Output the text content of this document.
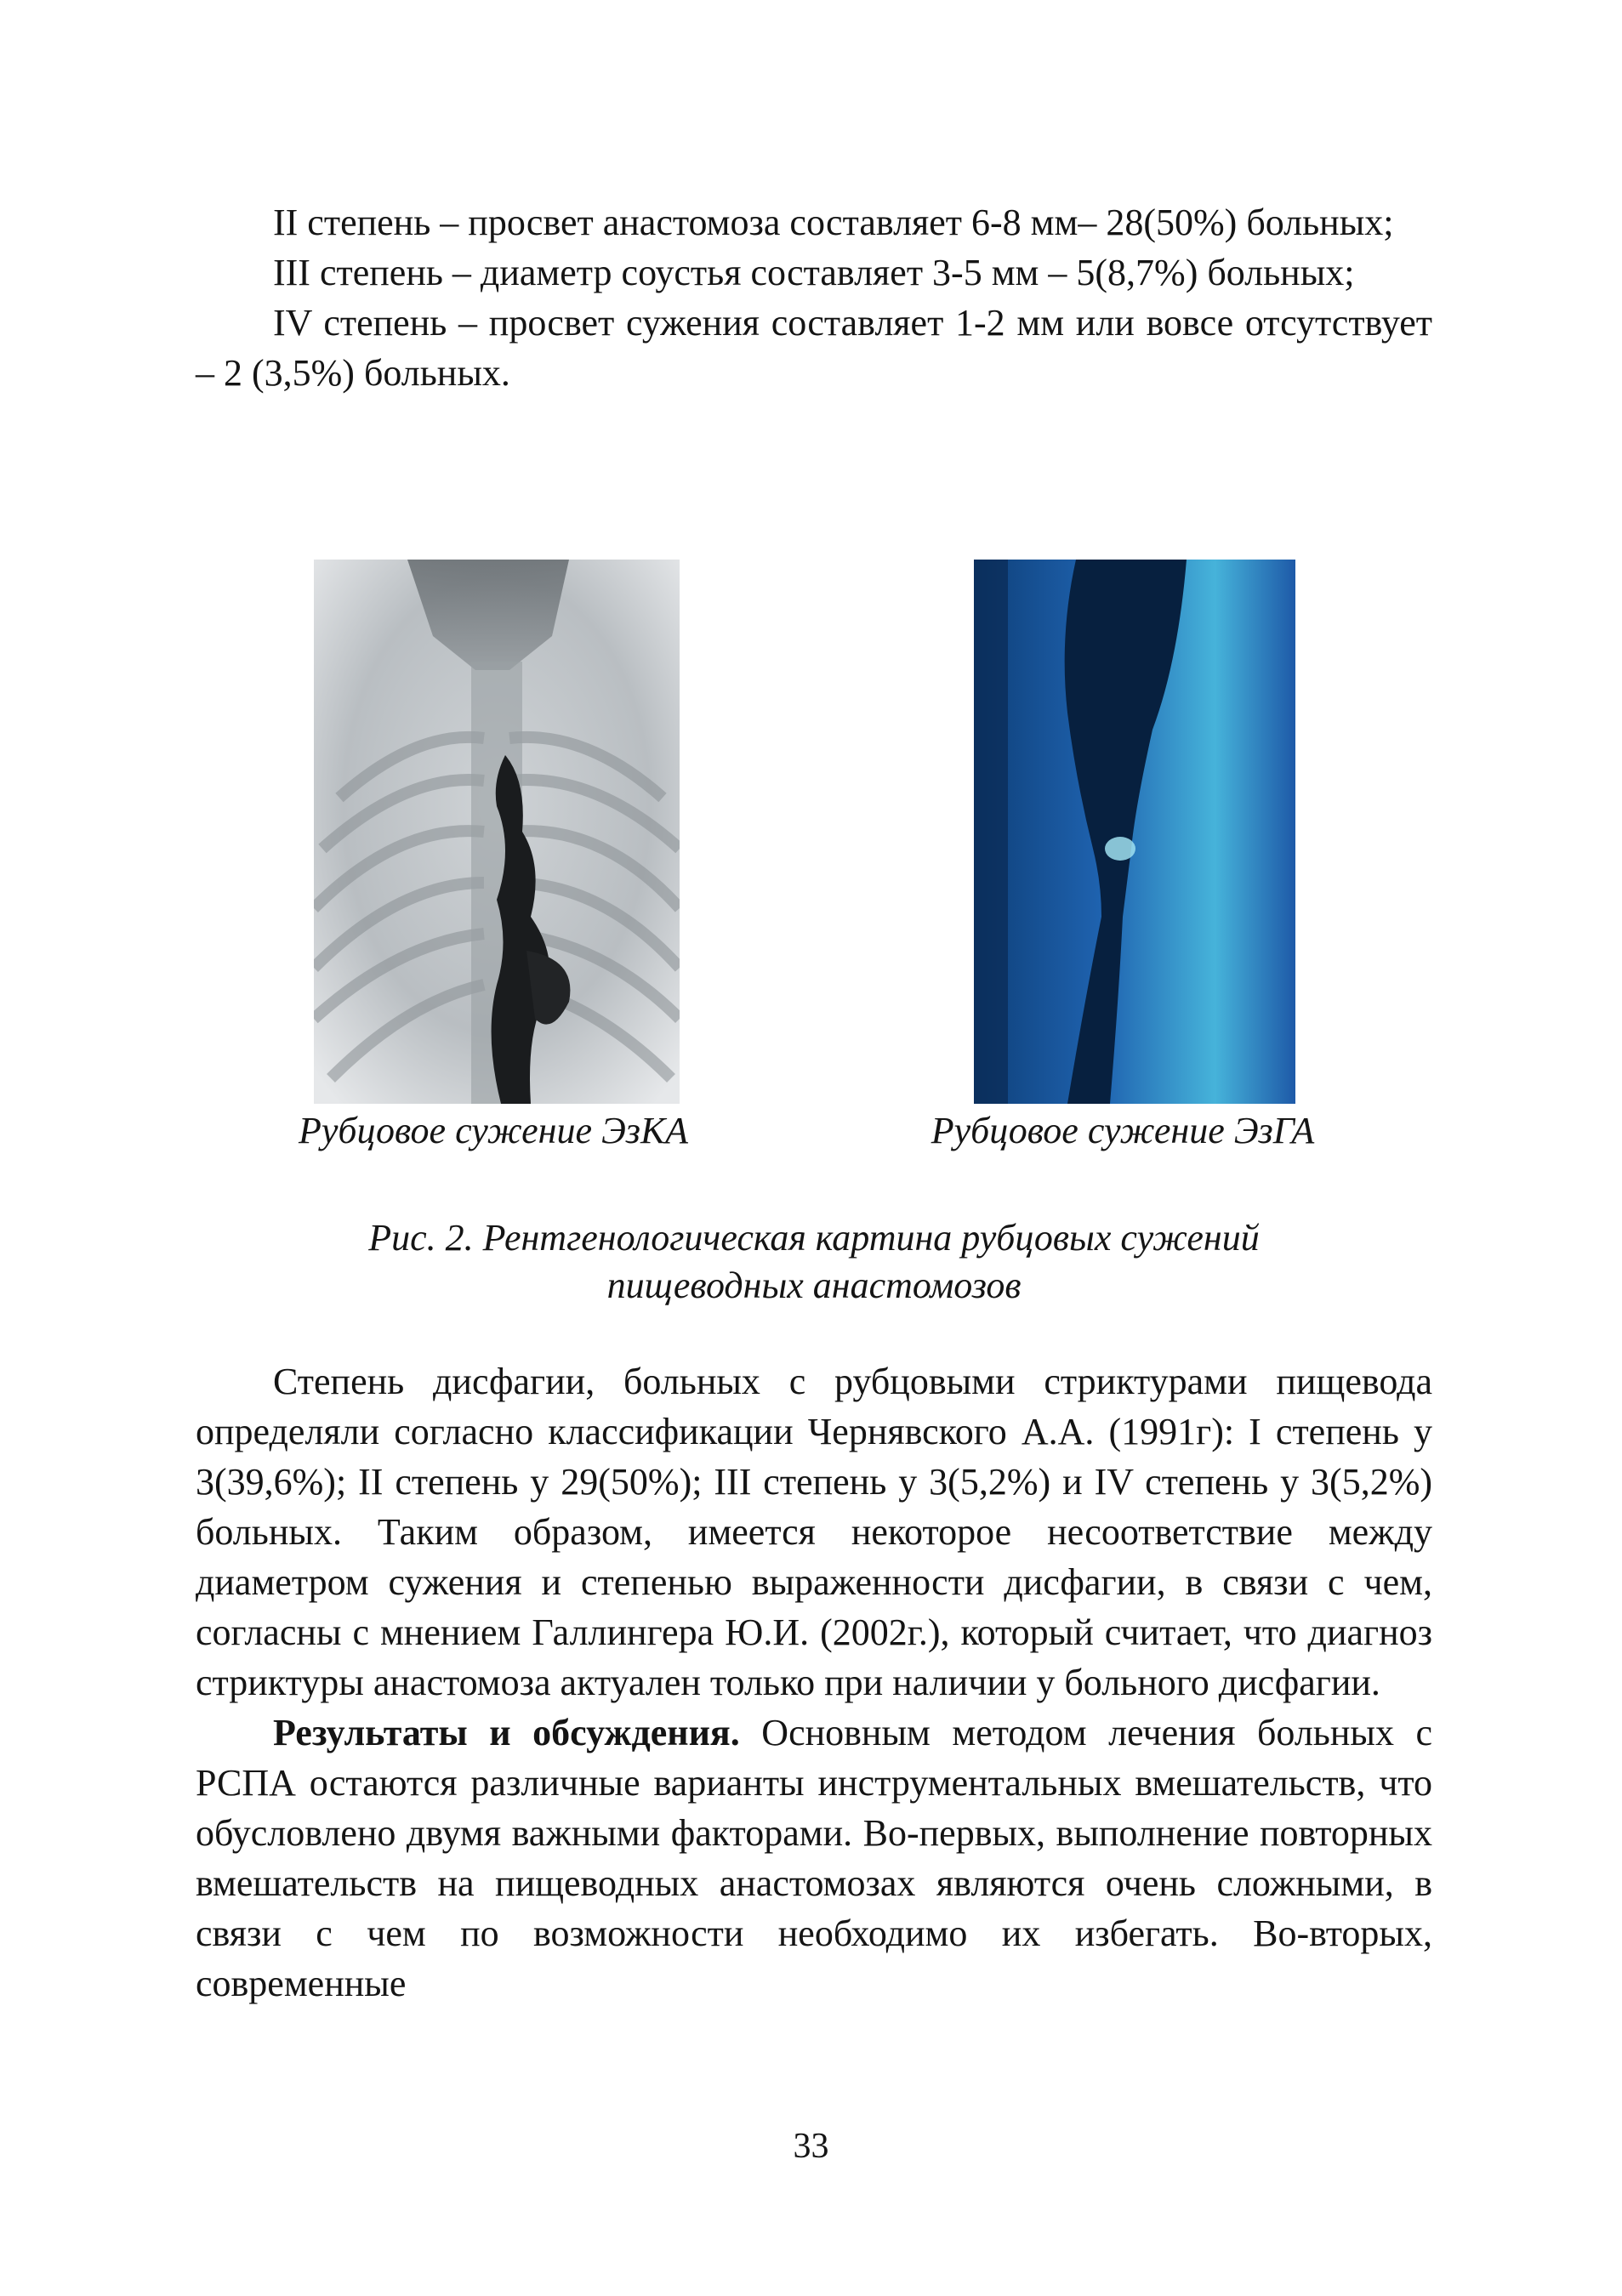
II степень – просвет анастомоза составляет 6-8 мм– 28(50%) больных;

III степень – диаметр соустья составляет 3-5 мм – 5(8,7%) больных;

IV степень – просвет сужения составляет 1-2 мм или вовсе отсутствует – 2 (3,5%) больных.

Рубцовое сужение ЭзКА	Рубцовое сужение ЭзГА
Рис. 2. Рентгенологическая картина рубцовых сужений
пищеводных анастомозов

Степень дисфагии, больных с рубцовыми стриктурами пищевода определяли согласно классификации Чернявского А.А. (1991г): I степень у 3(39,6%); II степень у 29(50%); III степень у 3(5,2%) и IV степень у 3(5,2%) больных. Таким образом, имеется некоторое несоответствие между диаметром сужения и степенью выраженности дисфагии, в связи с чем, согласны с мнением Галлингера Ю.И. (2002г.), который считает, что диагноз стриктуры анастомоза актуален только при наличии у больного дисфагии.

Результаты и обсуждения. Основным методом лечения больных с РСПА остаются различные варианты инструментальных вмешательств, что обусловлено двумя важными факторами. Во-первых, выполнение повторных вмешательств на пищеводных анастомозах являются очень сложными, в связи с чем по возможности необходимо их избегать. Во-вторых, современные

33
